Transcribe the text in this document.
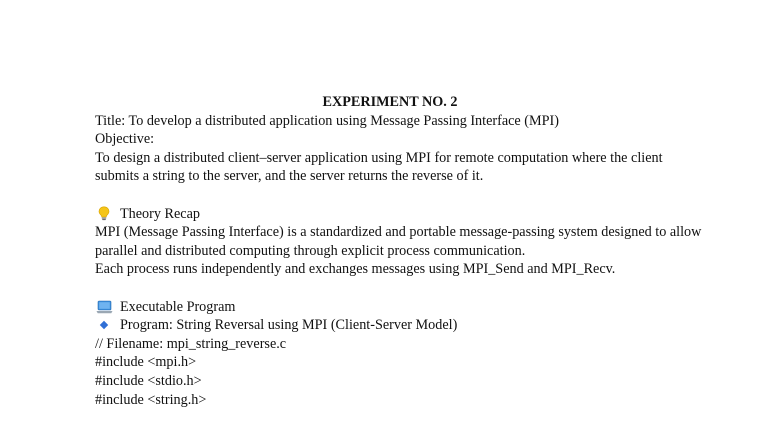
EXPERIMENT NO. 2
Title: To develop a distributed application using Message Passing Interface (MPI)
Objective:
To design a distributed client–server application using MPI for remote computation where the client submits a string to the server, and the server returns the reverse of it.
Theory Recap
MPI (Message Passing Interface) is a standardized and portable message-passing system designed to allow parallel and distributed computing through explicit process communication.
Each process runs independently and exchanges messages using MPI_Send and MPI_Recv.
Executable Program
Program: String Reversal using MPI (Client-Server Model)
// Filename: mpi_string_reverse.c
#include <mpi.h>
#include <stdio.h>
#include <string.h>
